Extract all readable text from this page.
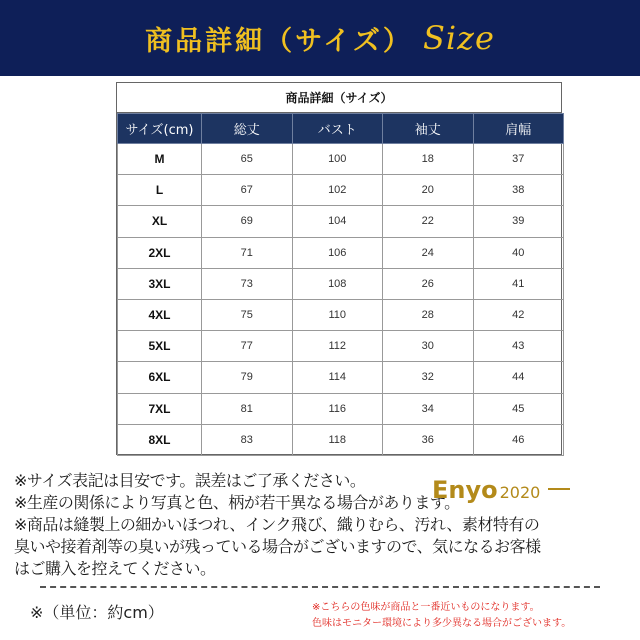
商品詳細（サイズ） Size
商品詳細（サイズ）
サイズ(cm)	総丈	バスト	袖丈	肩幅
M	65	100	18	37
L	67	102	20	38
XL	69	104	22	39
2XL	71	106	24	40
3XL	73	108	26	41
4XL	75	110	28	42
5XL	77	112	30	43
6XL	79	114	32	44
7XL	81	116	34	45
8XL	83	118	36	46
※サイズ表記は目安です。誤差はご了承ください。
※生産の関係により写真と色、柄が若干異なる場合があります。
※商品は縫製上の細かいほつれ、インク飛び、織りむら、汚れ、素材特有の
臭いや接着剤等の臭いが残っている場合がございますので、気になるお客様
はご購入を控えてください。
Enyo 2020
※（単位：約cm）	※こちらの色味が商品と一番近いものになります。
色味はモニター環境により多少異なる場合がございます。
